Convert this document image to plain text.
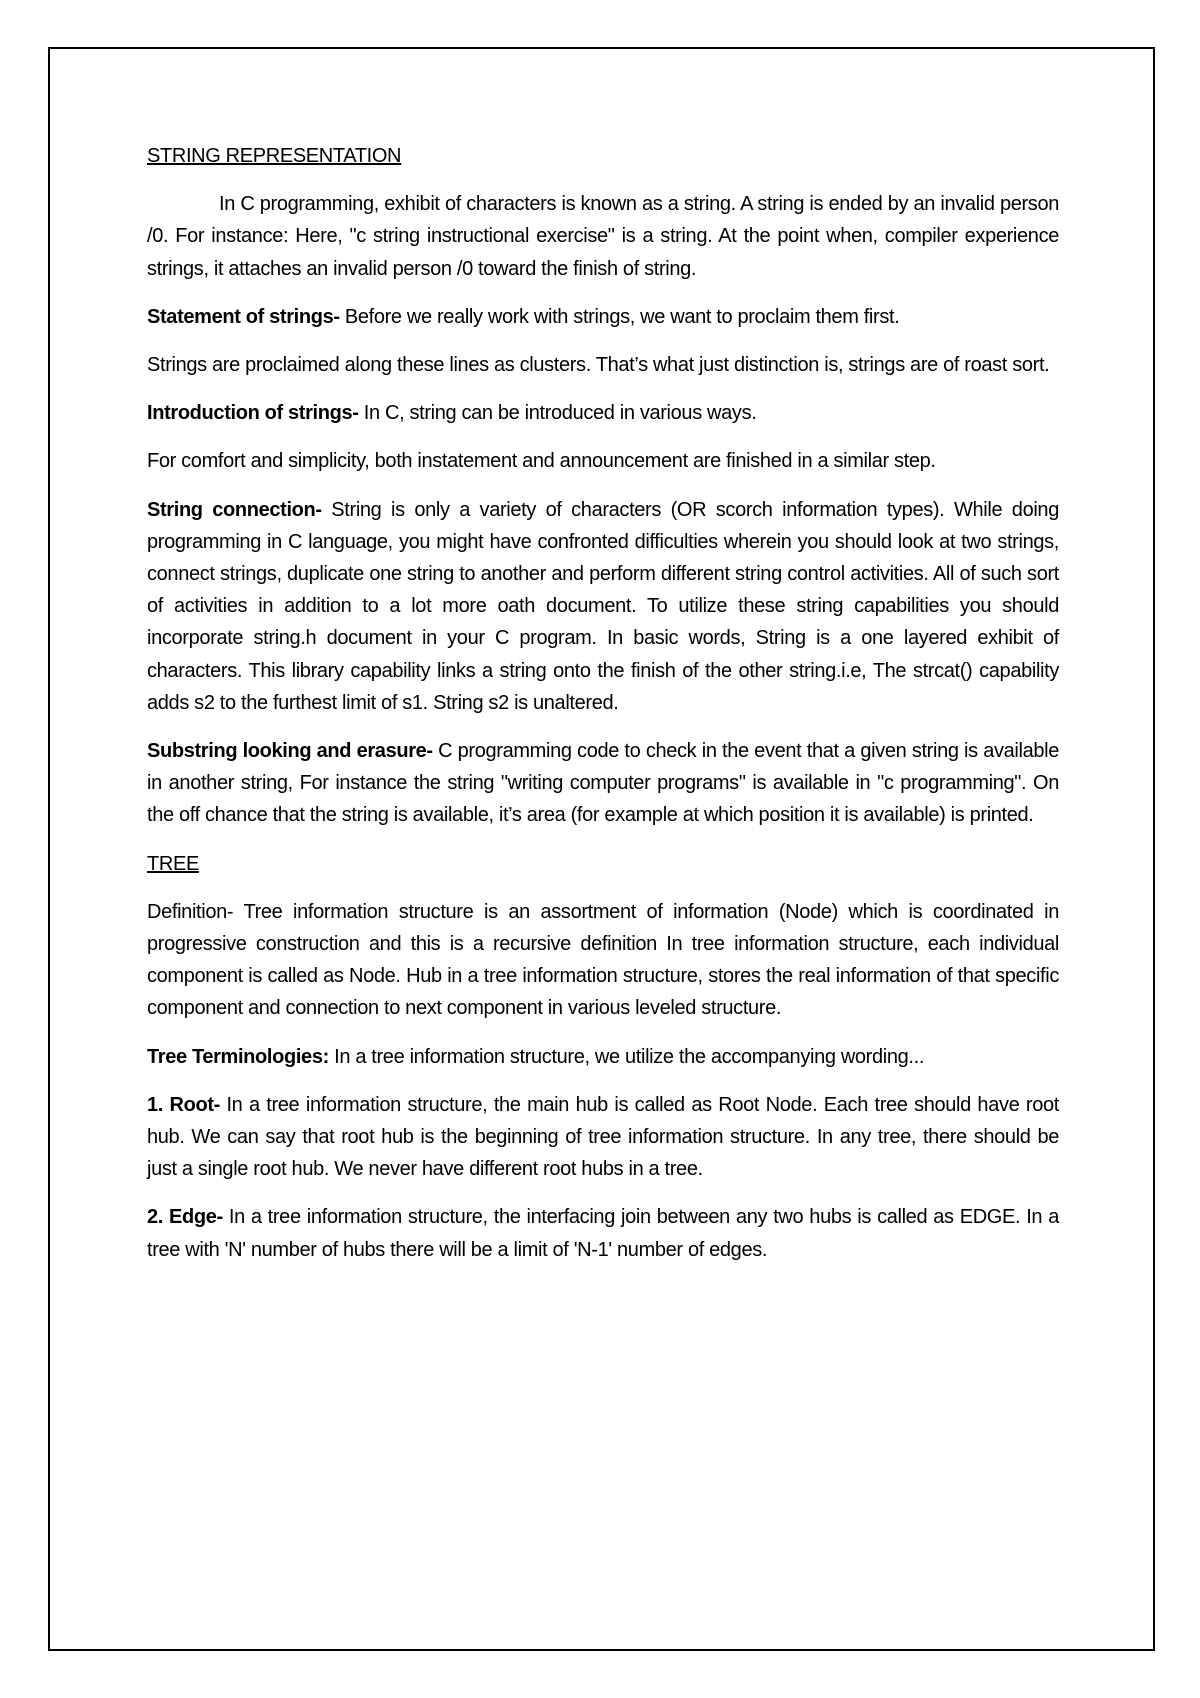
STRING REPRESENTATION

In C programming, exhibit of characters is known as a string. A string is ended by an invalid person /0. For instance: Here, "c string instructional exercise" is a string. At the point when, compiler experience strings, it attaches an invalid person /0 toward the finish of string.

Statement of strings- Before we really work with strings, we want to proclaim them first.

Strings are proclaimed along these lines as clusters. That’s what just distinction is, strings are of roast sort.

Introduction of strings- In C, string can be introduced in various ways.

For comfort and simplicity, both instatement and announcement are finished in a similar step.

String connection- String is only a variety of characters (OR scorch information types). While doing programming in C language, you might have confronted difficulties wherein you should look at two strings, connect strings, duplicate one string to another and perform different string control activities. All of such sort of activities in addition to a lot more oath document. To utilize these string capabilities you should incorporate string.h document in your C program. In basic words, String is a one layered exhibit of characters. This library capability links a string onto the finish of the other string.i.e, The strcat() capability adds s2 to the furthest limit of s1. String s2 is unaltered.

Substring looking and erasure- C programming code to check in the event that a given string is available in another string, For instance the string "writing computer programs" is available in "c programming". On the off chance that the string is available, it’s area (for example at which position it is available) is printed.

TREE

Definition- Tree information structure is an assortment of information (Node) which is coordinated in progressive construction and this is a recursive definition In tree information structure, each individual component is called as Node. Hub in a tree information structure, stores the real information of that specific component and connection to next component in various leveled structure.

Tree Terminologies: In a tree information structure, we utilize the accompanying wording...

1. Root- In a tree information structure, the main hub is called as Root Node. Each tree should have root hub. We can say that root hub is the beginning of tree information structure. In any tree, there should be just a single root hub. We never have different root hubs in a tree.

2. Edge- In a tree information structure, the interfacing join between any two hubs is called as EDGE. In a tree with 'N' number of hubs there will be a limit of 'N-1' number of edges.
